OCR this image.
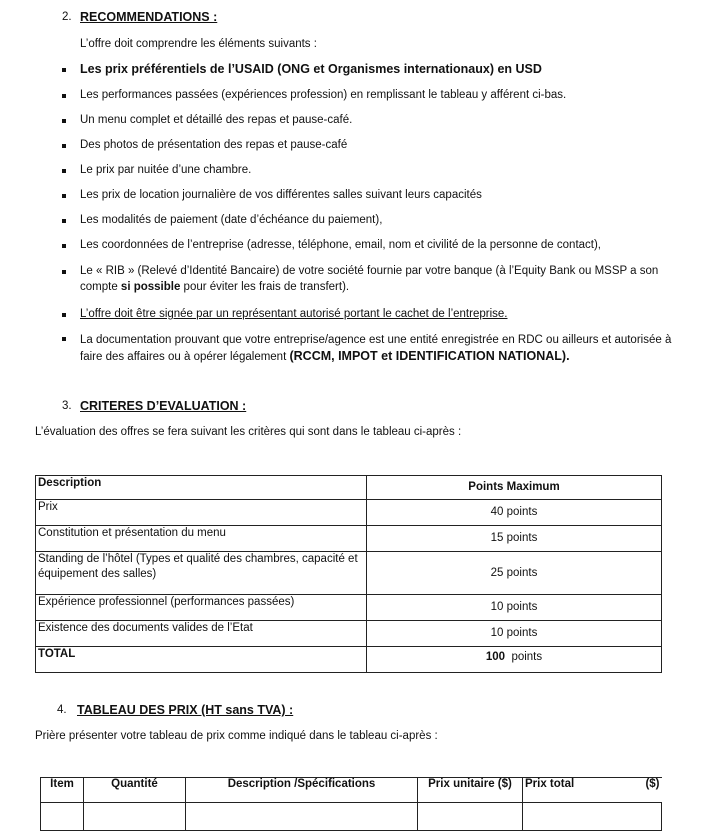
2. RECOMMENDATIONS :
L’offre doit comprendre les éléments suivants :
Les prix préférentiels de l’USAID (ONG et Organismes internationaux) en USD
Les performances passées (expériences profession) en remplissant le tableau y afférent ci-bas.
Un menu complet et détaillé des repas et pause-café.
Des photos de présentation des repas et pause-café
Le prix par nuitée d’une chambre.
Les prix de location journalière de vos différentes salles suivant leurs capacités
Les modalités de paiement (date d’échéance du paiement),
Les coordonnées de l’entreprise (adresse, téléphone, email, nom et civilité de la personne de contact),
Le « RIB » (Relevé d’Identité Bancaire) de votre société fournie par votre banque (à l’Equity Bank ou MSSP a son
compte si possible pour éviter les frais de transfert).
L’offre doit être signée par un représentant autorisé portant le cachet de l’entreprise.
La documentation prouvant que votre entreprise/agence est une entité enregistrée en RDC ou ailleurs et autorisée à
faire des affaires ou à opérer légalement (RCCM, IMPOT et IDENTIFICATION NATIONAL).
3. CRITERES D’EVALUATION :
L’évaluation des offres se fera suivant les critères qui sont dans le tableau ci-après :
Description	Points Maximum
Prix	40 points
Constitution et présentation du menu	15 points
Standing de l’hôtel (Types et qualité des chambres, capacité et équipement des salles)	25 points
Expérience professionnel (performances passées)	10 points
Existence des documents valides de l’Etat	10 points
TOTAL	100 points
4. TABLEAU DES PRIX (HT sans TVA) :
Prière présenter votre tableau de prix comme indiqué dans le tableau ci-après :
Item	Quantité	Description /Spécifications	Prix unitaire ($)	Prix total ($)
